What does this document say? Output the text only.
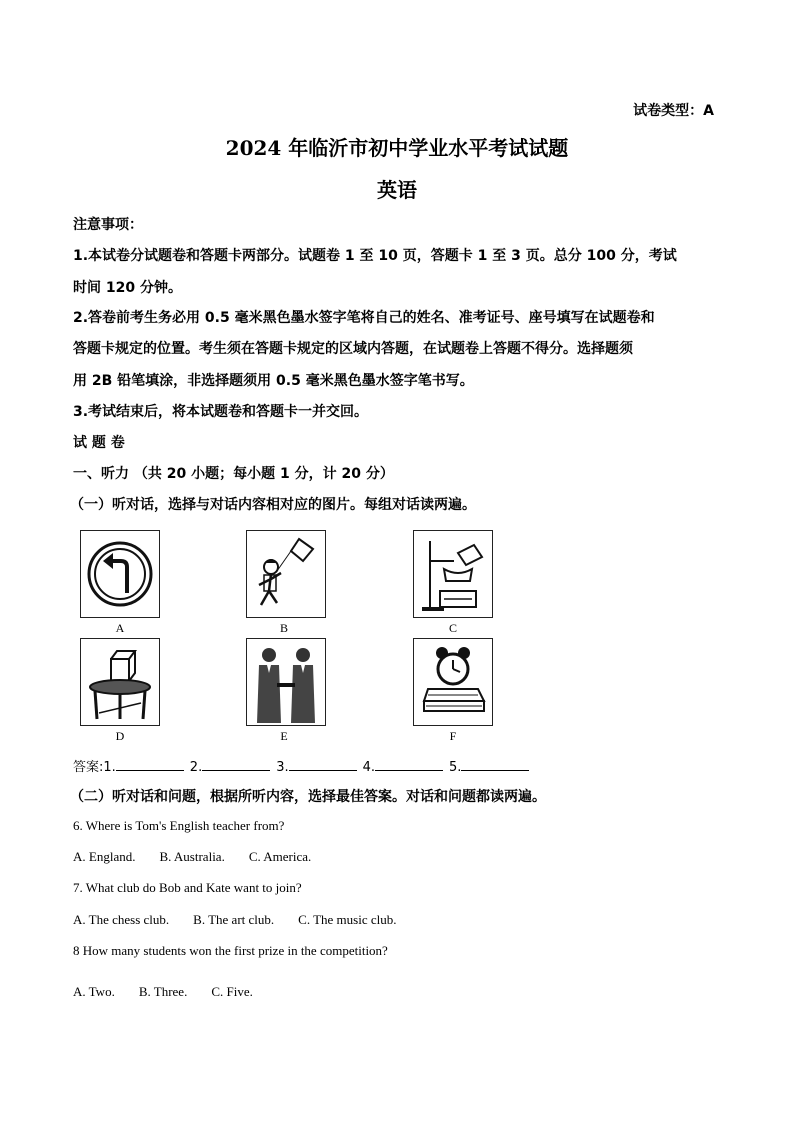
试卷类型：A
2024 年临沂市初中学业水平考试试题
英语
注意事项：
1.本试卷分试题卷和答题卡两部分。试题卷 1 至 10 页，答题卡 1 至 3 页。总分 100 分，考试
时间 120 分钟。
2.答卷前考生务必用 0.5 毫米黑色墨水签字笔将自己的姓名、准考证号、座号填写在试题卷和
答题卡规定的位置。考生须在答题卡规定的区域内答题，在试题卷上答题不得分。选择题须
用 2B 铅笔填涂，非选择题须用 0.5 毫米黑色墨水签字笔书写。
3.考试结束后，将本试题卷和答题卡一并交回。
试 题 卷
一、听力 （共 20 小题；每小题 1 分，计 20 分）
（一）听对话，选择与对话内容相对应的图片。每组对话读两遍。
A	B	C
D	E	F
答案:1.	2.	3.	4.	5.
（二）听对话和问题，根据所听内容，选择最佳答案。对话和问题都读两遍。
6. Where is Tom's English teacher from?
A. England. B. Australia. C. America.
7. What club do Bob and Kate want to join?
A. The chess club. B. The art club. C. The music club.
8 How many students won the first prize in the competition?
A. Two. B. Three. C. Five.
